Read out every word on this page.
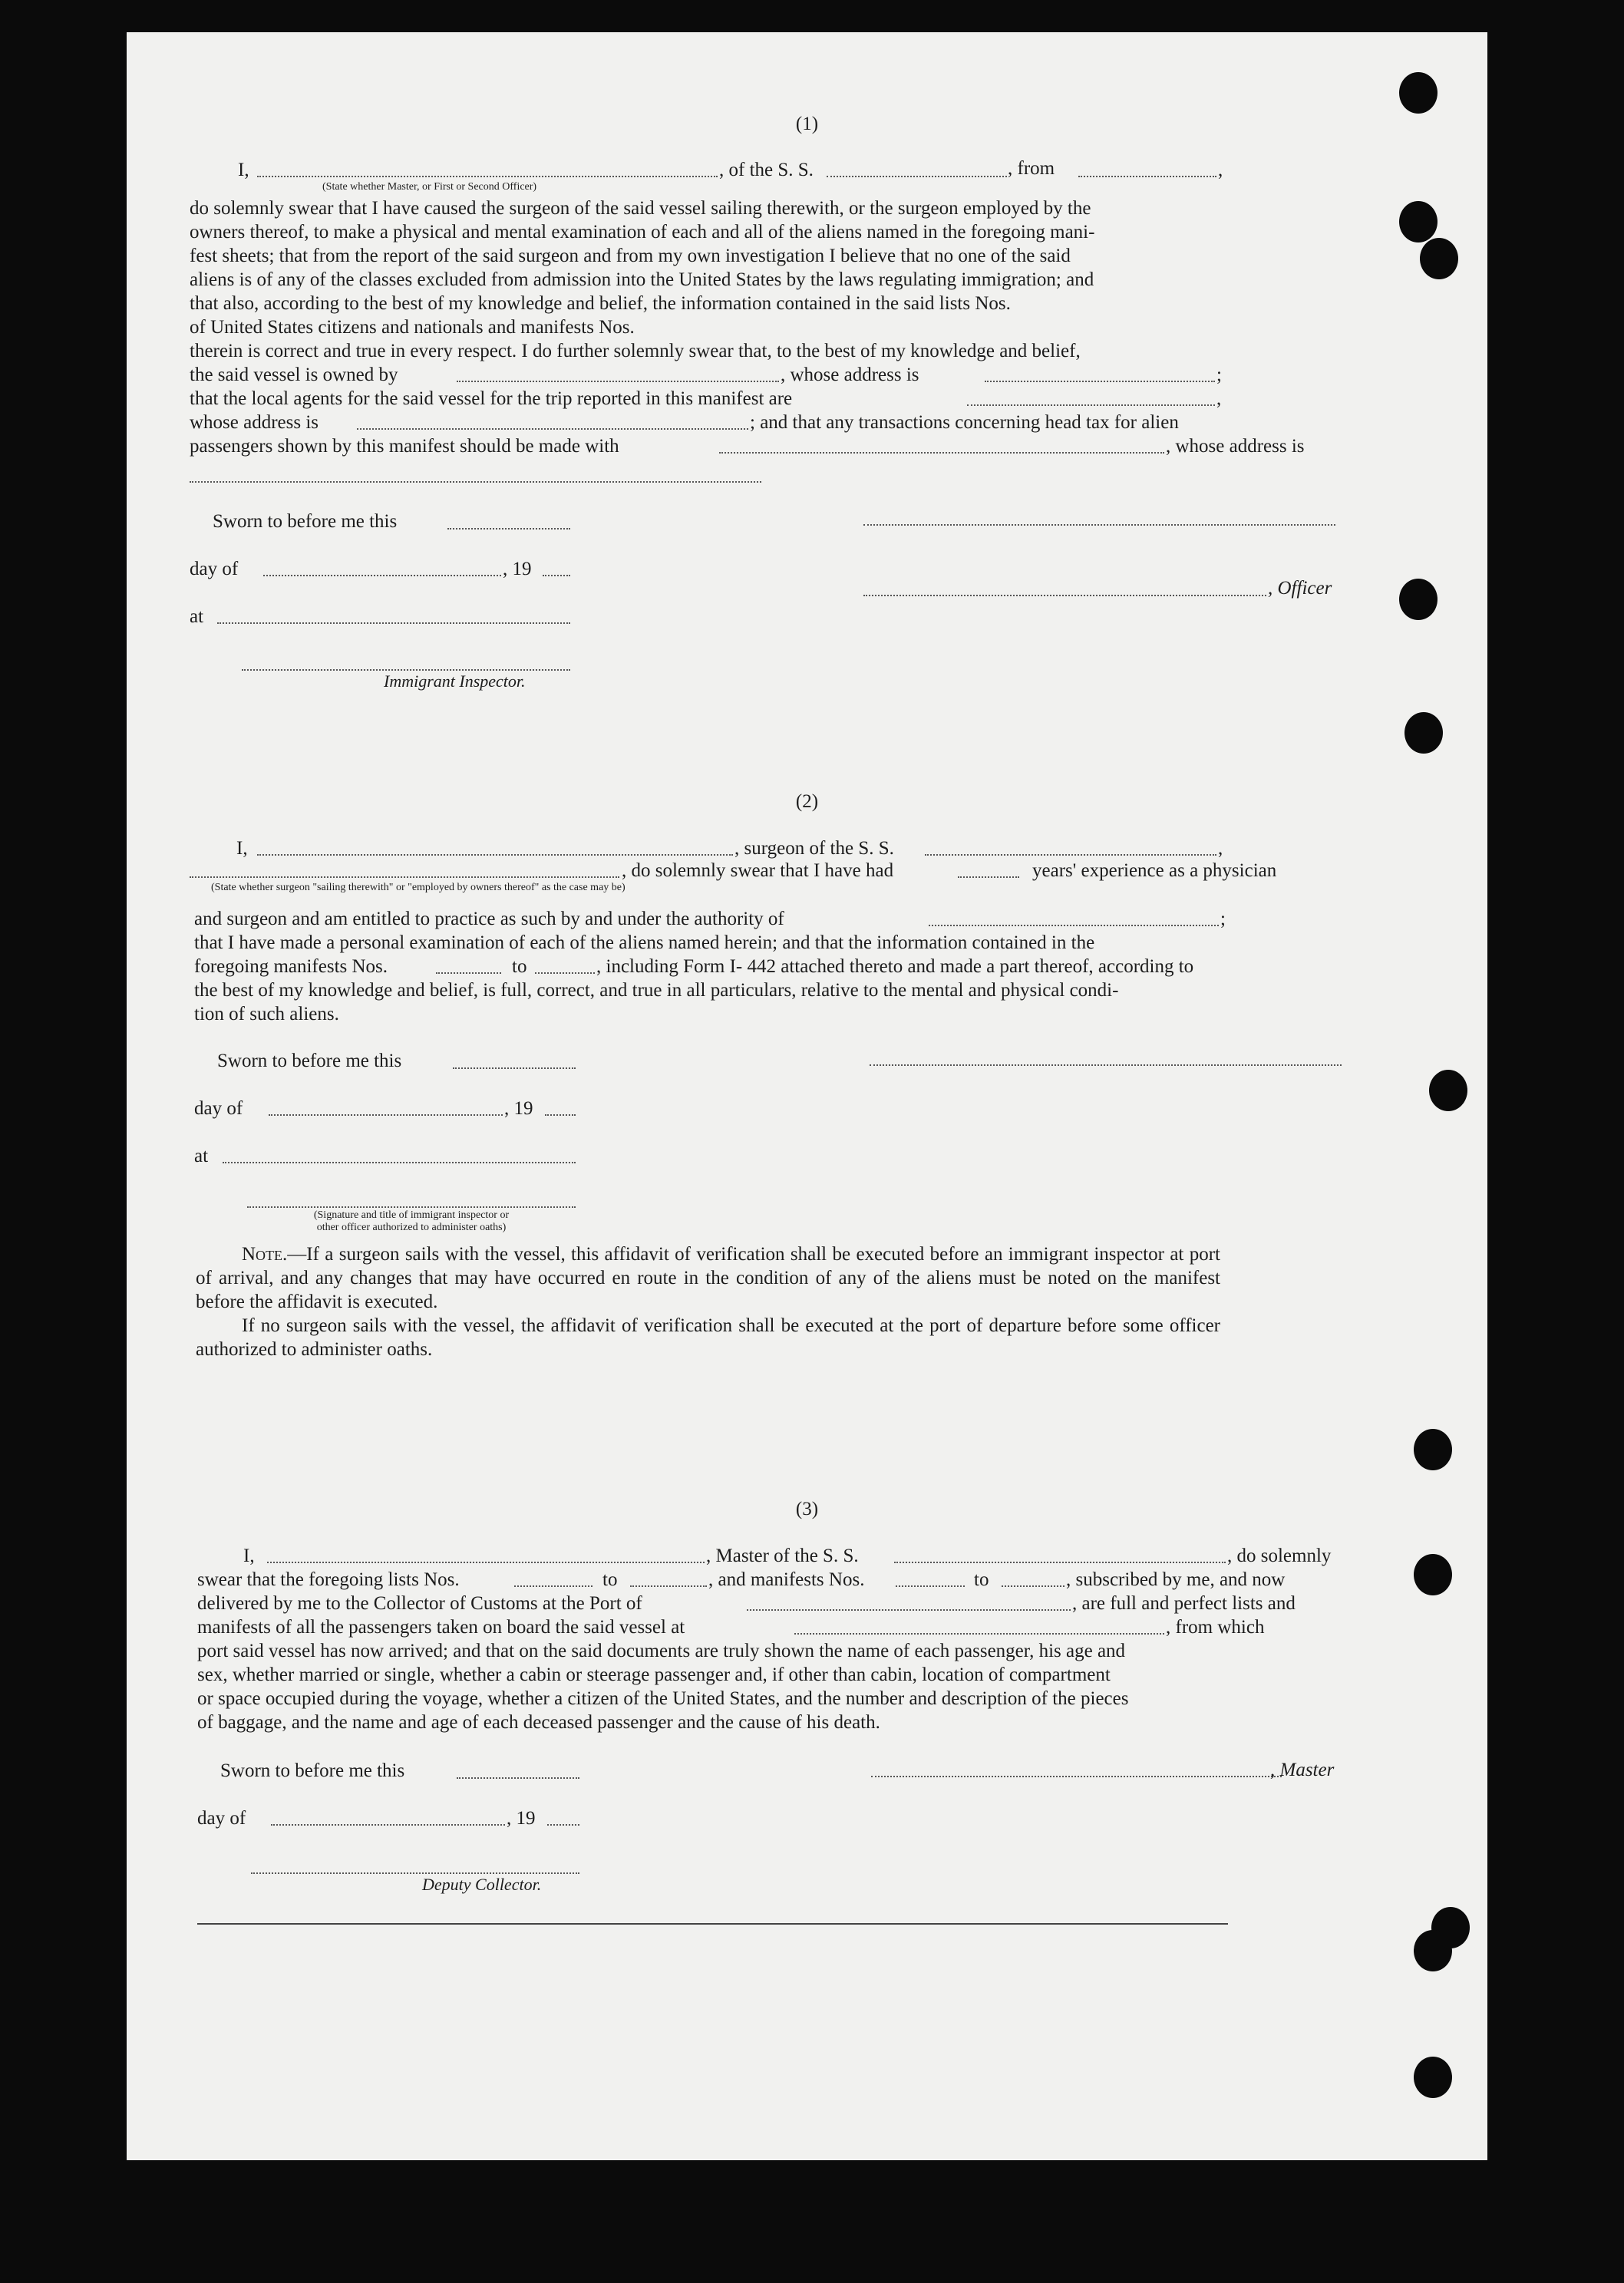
(1)
I,	, of the S. S.	, from	,
(State whether Master, or First or Second Officer)

do solemnly swear that I have caused the surgeon of the said vessel sailing therewith, or the surgeon employed by the

owners thereof, to make a physical and mental examination of each and all of the aliens named in the foregoing mani-

fest sheets; that from the report of the said surgeon and from my own investigation I believe that no one of the said

aliens is of any of the classes excluded from admission into the United States by the laws regulating immigration; and

that also, according to the best of my knowledge and belief, the information contained in the said lists Nos.
of United States citizens and nationals and manifests Nos.
therein is correct and true in every respect. I do further solemnly swear that, to the best of my knowledge and belief,
the said vessel is owned by	, whose address is	;
that the local agents for the said vessel for the trip reported in this manifest are	,
whose address is	; and that any transactions concerning head tax for alien
passengers shown by this manifest should be made with	, whose address is
Sworn to before me this
day of	, 19
, Officer
at
Immigrant Inspector.
(2)
I,	, surgeon of the S. S.	,
, do solemnly swear that I have had	years' experience as a physician
(State whether surgeon "sailing therewith" or "employed by owners thereof" as the case may be)
and surgeon and am entitled to practice as such by and under the authority of	;
that I have made a personal examination of each of the aliens named herein; and that the information contained in the
foregoing manifests Nos.	to	, including Form I- 442 attached thereto and made a part thereof, according to
the best of my knowledge and belief, is full, correct, and true in all particulars, relative to the mental and physical condi-
tion of such aliens.
Sworn to before me this
day of	, 19
at
(Signature and title of immigrant inspector or
other officer authorized to administer oaths)

Note.—If a surgeon sails with the vessel, this affidavit of verification shall be executed before an immigrant inspector at port of arrival, and any changes that may have occurred en route in the condition of any of the aliens must be noted on the manifest before the affidavit is executed.

If no surgeon sails with the vessel, the affidavit of verification shall be executed at the port of departure before some officer authorized to administer oaths.

(3)
I,	, Master of the S. S.	, do solemnly
swear that the foregoing lists Nos.	to	, and manifests Nos.	to	, subscribed by me, and now
delivered by me to the Collector of Customs at the Port of	, are full and perfect lists and
manifests of all the passengers taken on board the said vessel at	, from which

port said vessel has now arrived; and that on the said documents are truly shown the name of each passenger, his age and

sex, whether married or single, whether a cabin or steerage passenger and, if other than cabin, location of compartment

or space occupied during the voyage, whether a citizen of the United States, and the number and description of the pieces

of baggage, and the name and age of each deceased passenger and the cause of his death.

Sworn to before me this	, Master
day of	, 19
Deputy Collector.
